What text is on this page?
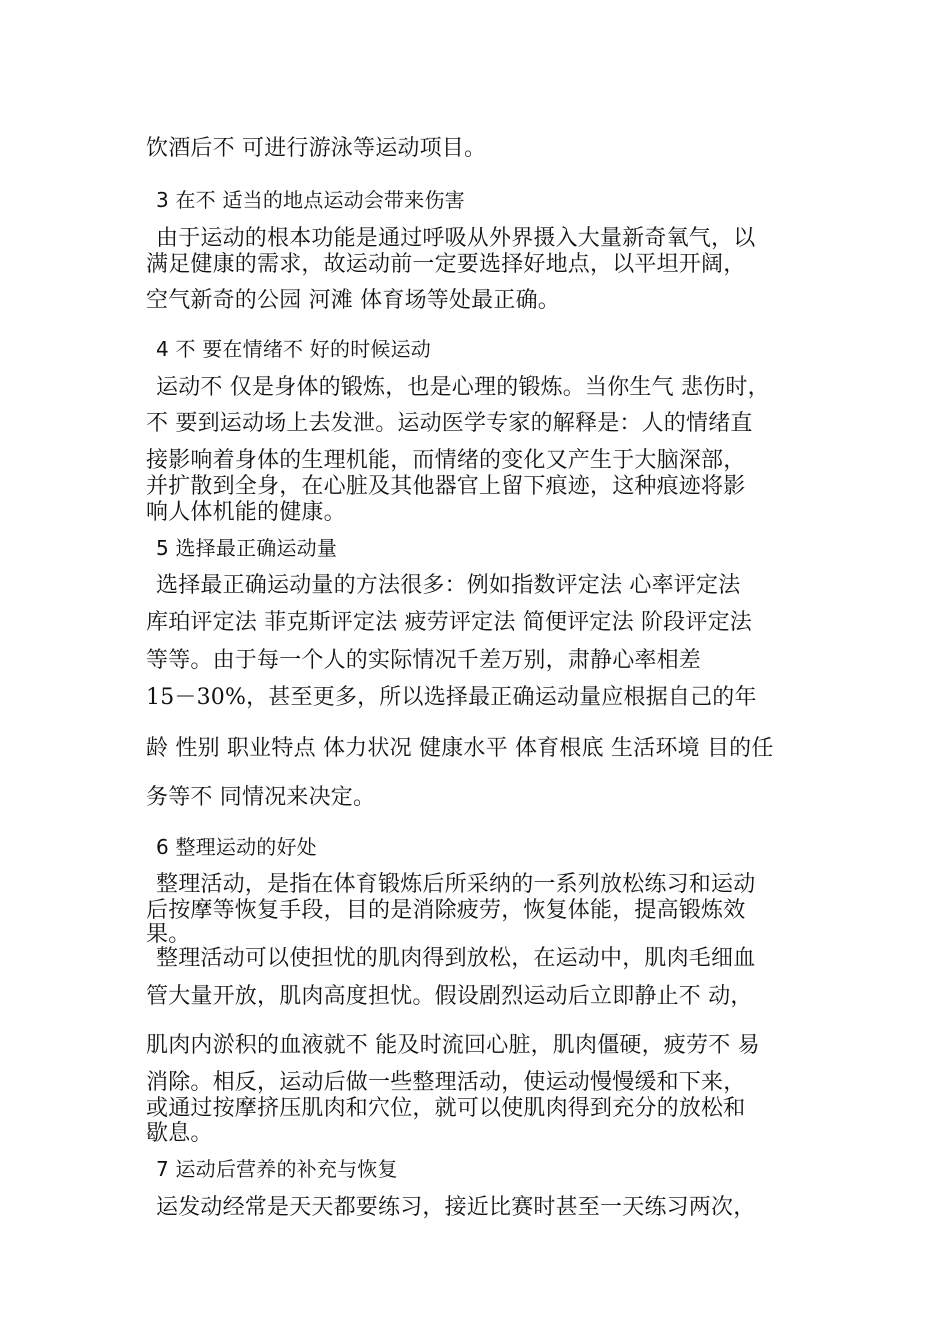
饮酒后不 可进行游泳等运动项目。
3 在不 适当的地点运动会带来伤害
由于运动的根本功能是通过呼吸从外界摄入大量新奇氧气，以
满足健康的需求，故运动前一定要选择好地点，以平坦开阔，
空气新奇的公园 河滩 体育场等处最正确。
4 不 要在情绪不 好的时候运动
运动不 仅是身体的锻炼，也是心理的锻炼。当你生气 悲伤时，
不 要到运动场上去发泄。运动医学专家的解释是：人的情绪直
接影响着身体的生理机能，而情绪的变化又产生于大脑深部，
并扩散到全身，在心脏及其他器官上留下痕迹，这种痕迹将影
响人体机能的健康。
5 选择最正确运动量
选择最正确运动量的方法很多：例如指数评定法 心率评定法
库珀评定法 菲克斯评定法 疲劳评定法 简便评定法 阶段评定法
等等。由于每一个人的实际情况千差万别，肃静心率相差
15－30%，甚至更多，所以选择最正确运动量应根据自己的年
龄 性别 职业特点 体力状况 健康水平 体育根底 生活环境 目的任
务等不 同情况来决定。
6 整理运动的好处
整理活动，是指在体育锻炼后所采纳的一系列放松练习和运动
后按摩等恢复手段，目的是消除疲劳，恢复体能，提高锻炼效
果。
整理活动可以使担忧的肌肉得到放松，在运动中，肌肉毛细血
管大量开放，肌肉高度担忧。假设剧烈运动后立即静止不 动，
肌肉内淤积的血液就不 能及时流回心脏，肌肉僵硬，疲劳不 易
消除。相反，运动后做一些整理活动，使运动慢慢缓和下来，
或通过按摩挤压肌肉和穴位，就可以使肌肉得到充分的放松和
歇息。
7 运动后营养的补充与恢复
运发动经常是天天都要练习，接近比赛时甚至一天练习两次，
